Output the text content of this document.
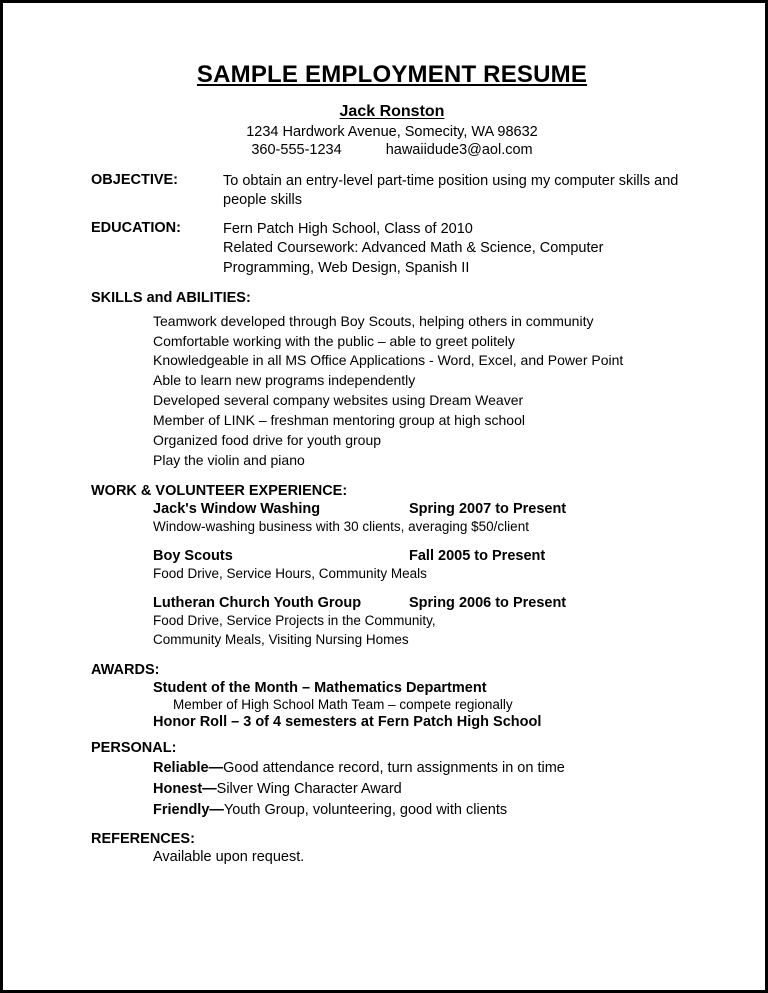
SAMPLE EMPLOYMENT RESUME
Jack Ronston
1234 Hardwork Avenue, Somecity, WA 98632
360-555-1234	hawaiidude3@aol.com
OBJECTIVE:	To obtain an entry-level part-time position using my computer skills and people skills
EDUCATION:	Fern Patch High School, Class of 2010
Related Coursework: Advanced Math & Science, Computer Programming, Web Design, Spanish II
SKILLS and ABILITIES:
Teamwork developed through Boy Scouts, helping others in community
Comfortable working with the public – able to greet politely
Knowledgeable in all MS Office Applications - Word, Excel, and Power Point
Able to learn new programs independently
Developed several company websites using Dream Weaver
Member of LINK – freshman mentoring group at high school
Organized food drive for youth group
Play the violin and piano
WORK & VOLUNTEER EXPERIENCE:
Jack's Window Washing	Spring 2007 to Present
Window-washing business with 30 clients, averaging $50/client
Boy Scouts	Fall 2005 to Present
Food Drive, Service Hours, Community Meals
Lutheran Church Youth Group	Spring 2006 to Present
Food Drive, Service Projects in the Community,
Community Meals, Visiting Nursing Homes
AWARDS:
Student of the Month – Mathematics Department
Member of High School Math Team – compete regionally
Honor Roll – 3 of 4 semesters at Fern Patch High School
PERSONAL:
Reliable—Good attendance record, turn assignments in on time
Honest—Silver Wing Character Award
Friendly—Youth Group, volunteering, good with clients
REFERENCES:
Available upon request.
